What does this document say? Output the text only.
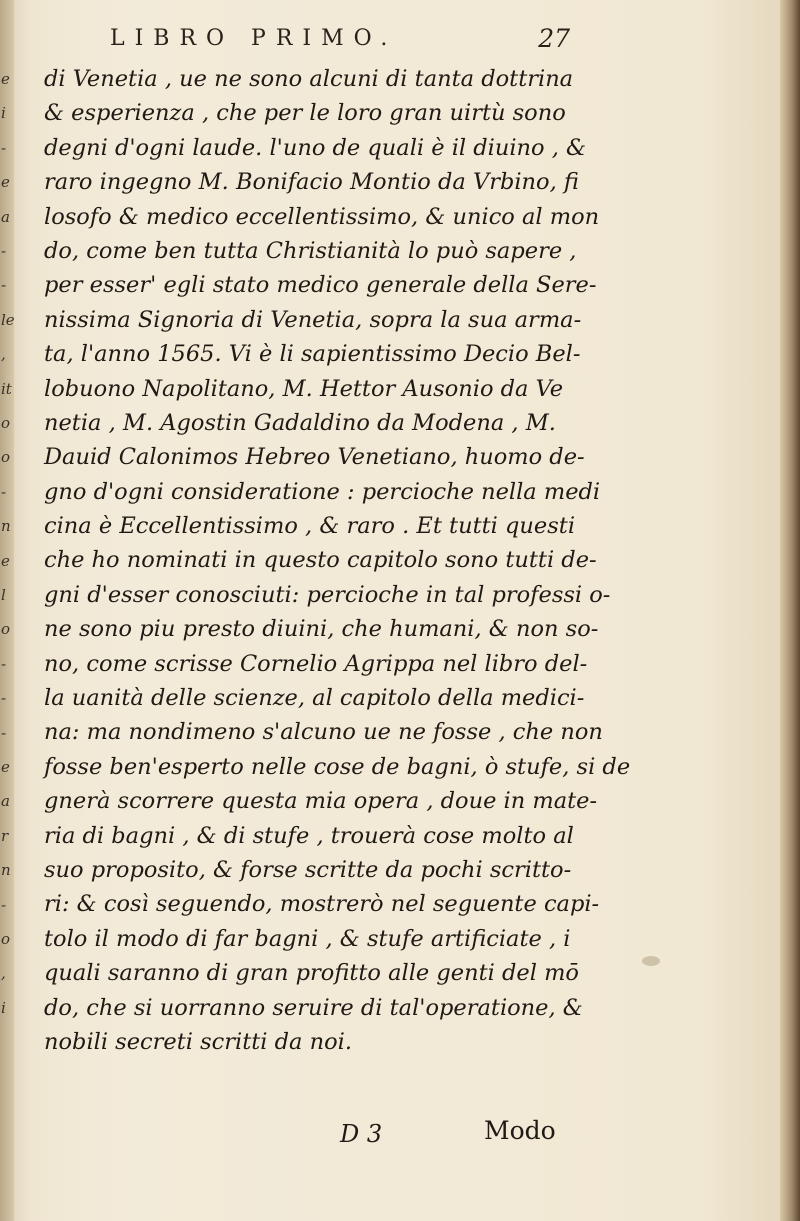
e
i
-
e
a
-
-
le
,
it
o
o
-
n
e
l
o
-
-
-
e
a
r
n
-
o
,
i
LIBRO PRIMO.	27
di Venetia , ue ne sono alcuni di tanta dottrina
& esperienza , che per le loro gran uirtù sono
degni d'ogni laude. l'uno de quali è il diuino , &
raro ingegno M. Bonifacio Montio da Vrbino, fi
losofo & medico eccellentissimo, & unico al mon
do, come ben tutta Christianità lo può sapere ,
per esser' egli stato medico generale della Sere-
nissima Signoria di Venetia, sopra la sua arma-
ta, l'anno 1565. Vi è li sapientissimo Decio Bel-
lobuono Napolitano, M. Hettor Ausonio da Ve
netia , M. Agostin Gadaldino da Modena , M.
Dauid Calonimos Hebreo Venetiano, huomo de-
gno d'ogni consideratione : percioche nella medi
cina è Eccellentissimo , & raro . Et tutti questi
che ho nominati in questo capitolo sono tutti de-
gni d'esser conosciuti: percioche in tal professi o-
ne sono piu presto diuini, che humani, & non so-
no, come scrisse Cornelio Agrippa nel libro del-
la uanità delle scienze, al capitolo della medici-
na: ma nondimeno s'alcuno ue ne fosse , che non
fosse ben'esperto nelle cose de bagni, ò stufe, si de
gnerà scorrere questa mia opera , doue in mate-
ria di bagni , & di stufe , trouerà cose molto al
suo proposito, & forse scritte da pochi scritto-
ri: & così seguendo, mostrerò nel seguente capi-
tolo il modo di far bagni , & stufe artificiate , i
quali saranno di gran profitto alle genti del mō
do, che si uorranno seruire di tal'operatione, &
nobili secreti scritti da noi.
D 3	Modo
